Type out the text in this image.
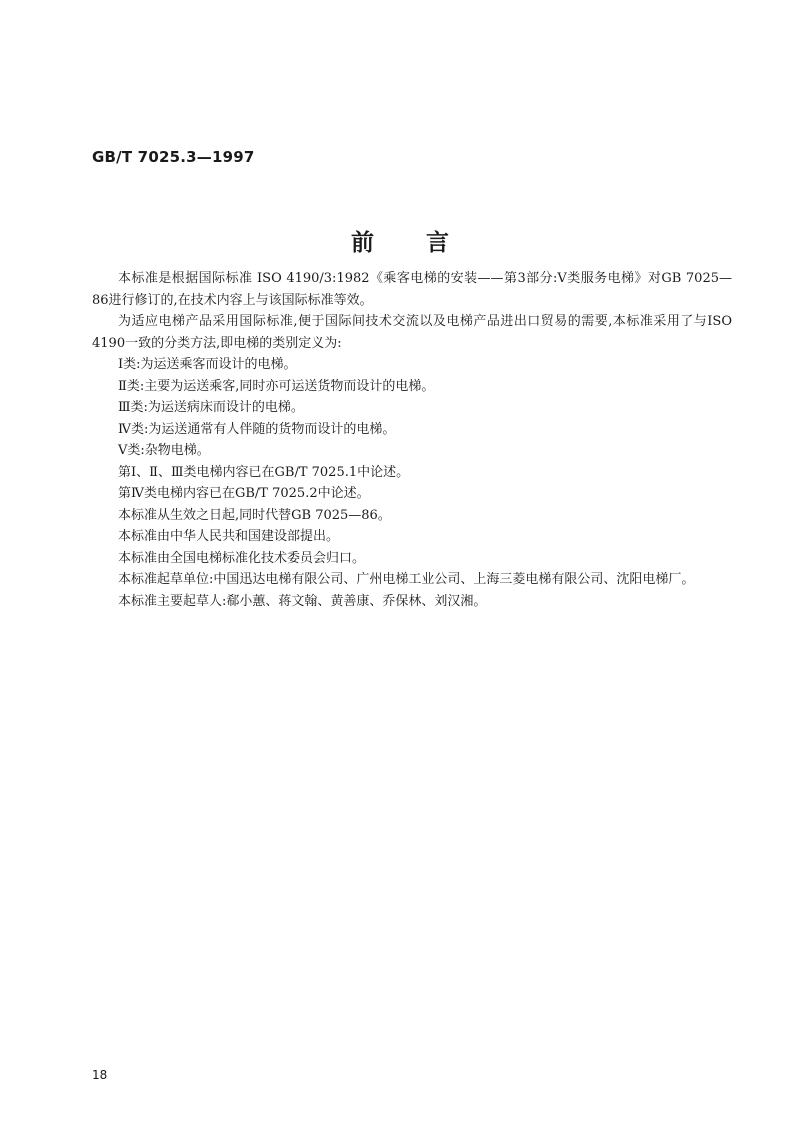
GB/T 7025.3—1997
前言

本标准是根据国际标准 ISO 4190/3:1982《乘客电梯的安装——第3部分:V类服务电梯》对GB 7025—86进行修订的,在技术内容上与该国际标准等效。

为适应电梯产品采用国际标准,便于国际间技术交流以及电梯产品进出口贸易的需要,本标准采用了与ISO 4190一致的分类方法,即电梯的类别定义为:

Ⅰ类:为运送乘客而设计的电梯。

Ⅱ类:主要为运送乘客,同时亦可运送货物而设计的电梯。

Ⅲ类:为运送病床而设计的电梯。

Ⅳ类:为运送通常有人伴随的货物而设计的电梯。

Ⅴ类:杂物电梯。

第Ⅰ、Ⅱ、Ⅲ类电梯内容已在GB/T 7025.1中论述。

第Ⅳ类电梯内容已在GB/T 7025.2中论述。

本标准从生效之日起,同时代替GB 7025—86。

本标准由中华人民共和国建设部提出。

本标准由全国电梯标准化技术委员会归口。

本标准起草单位:中国迅达电梯有限公司、广州电梯工业公司、上海三菱电梯有限公司、沈阳电梯厂。

本标准主要起草人:郗小蕙、蒋文翰、黄善康、乔保林、刘汉湘。

18
